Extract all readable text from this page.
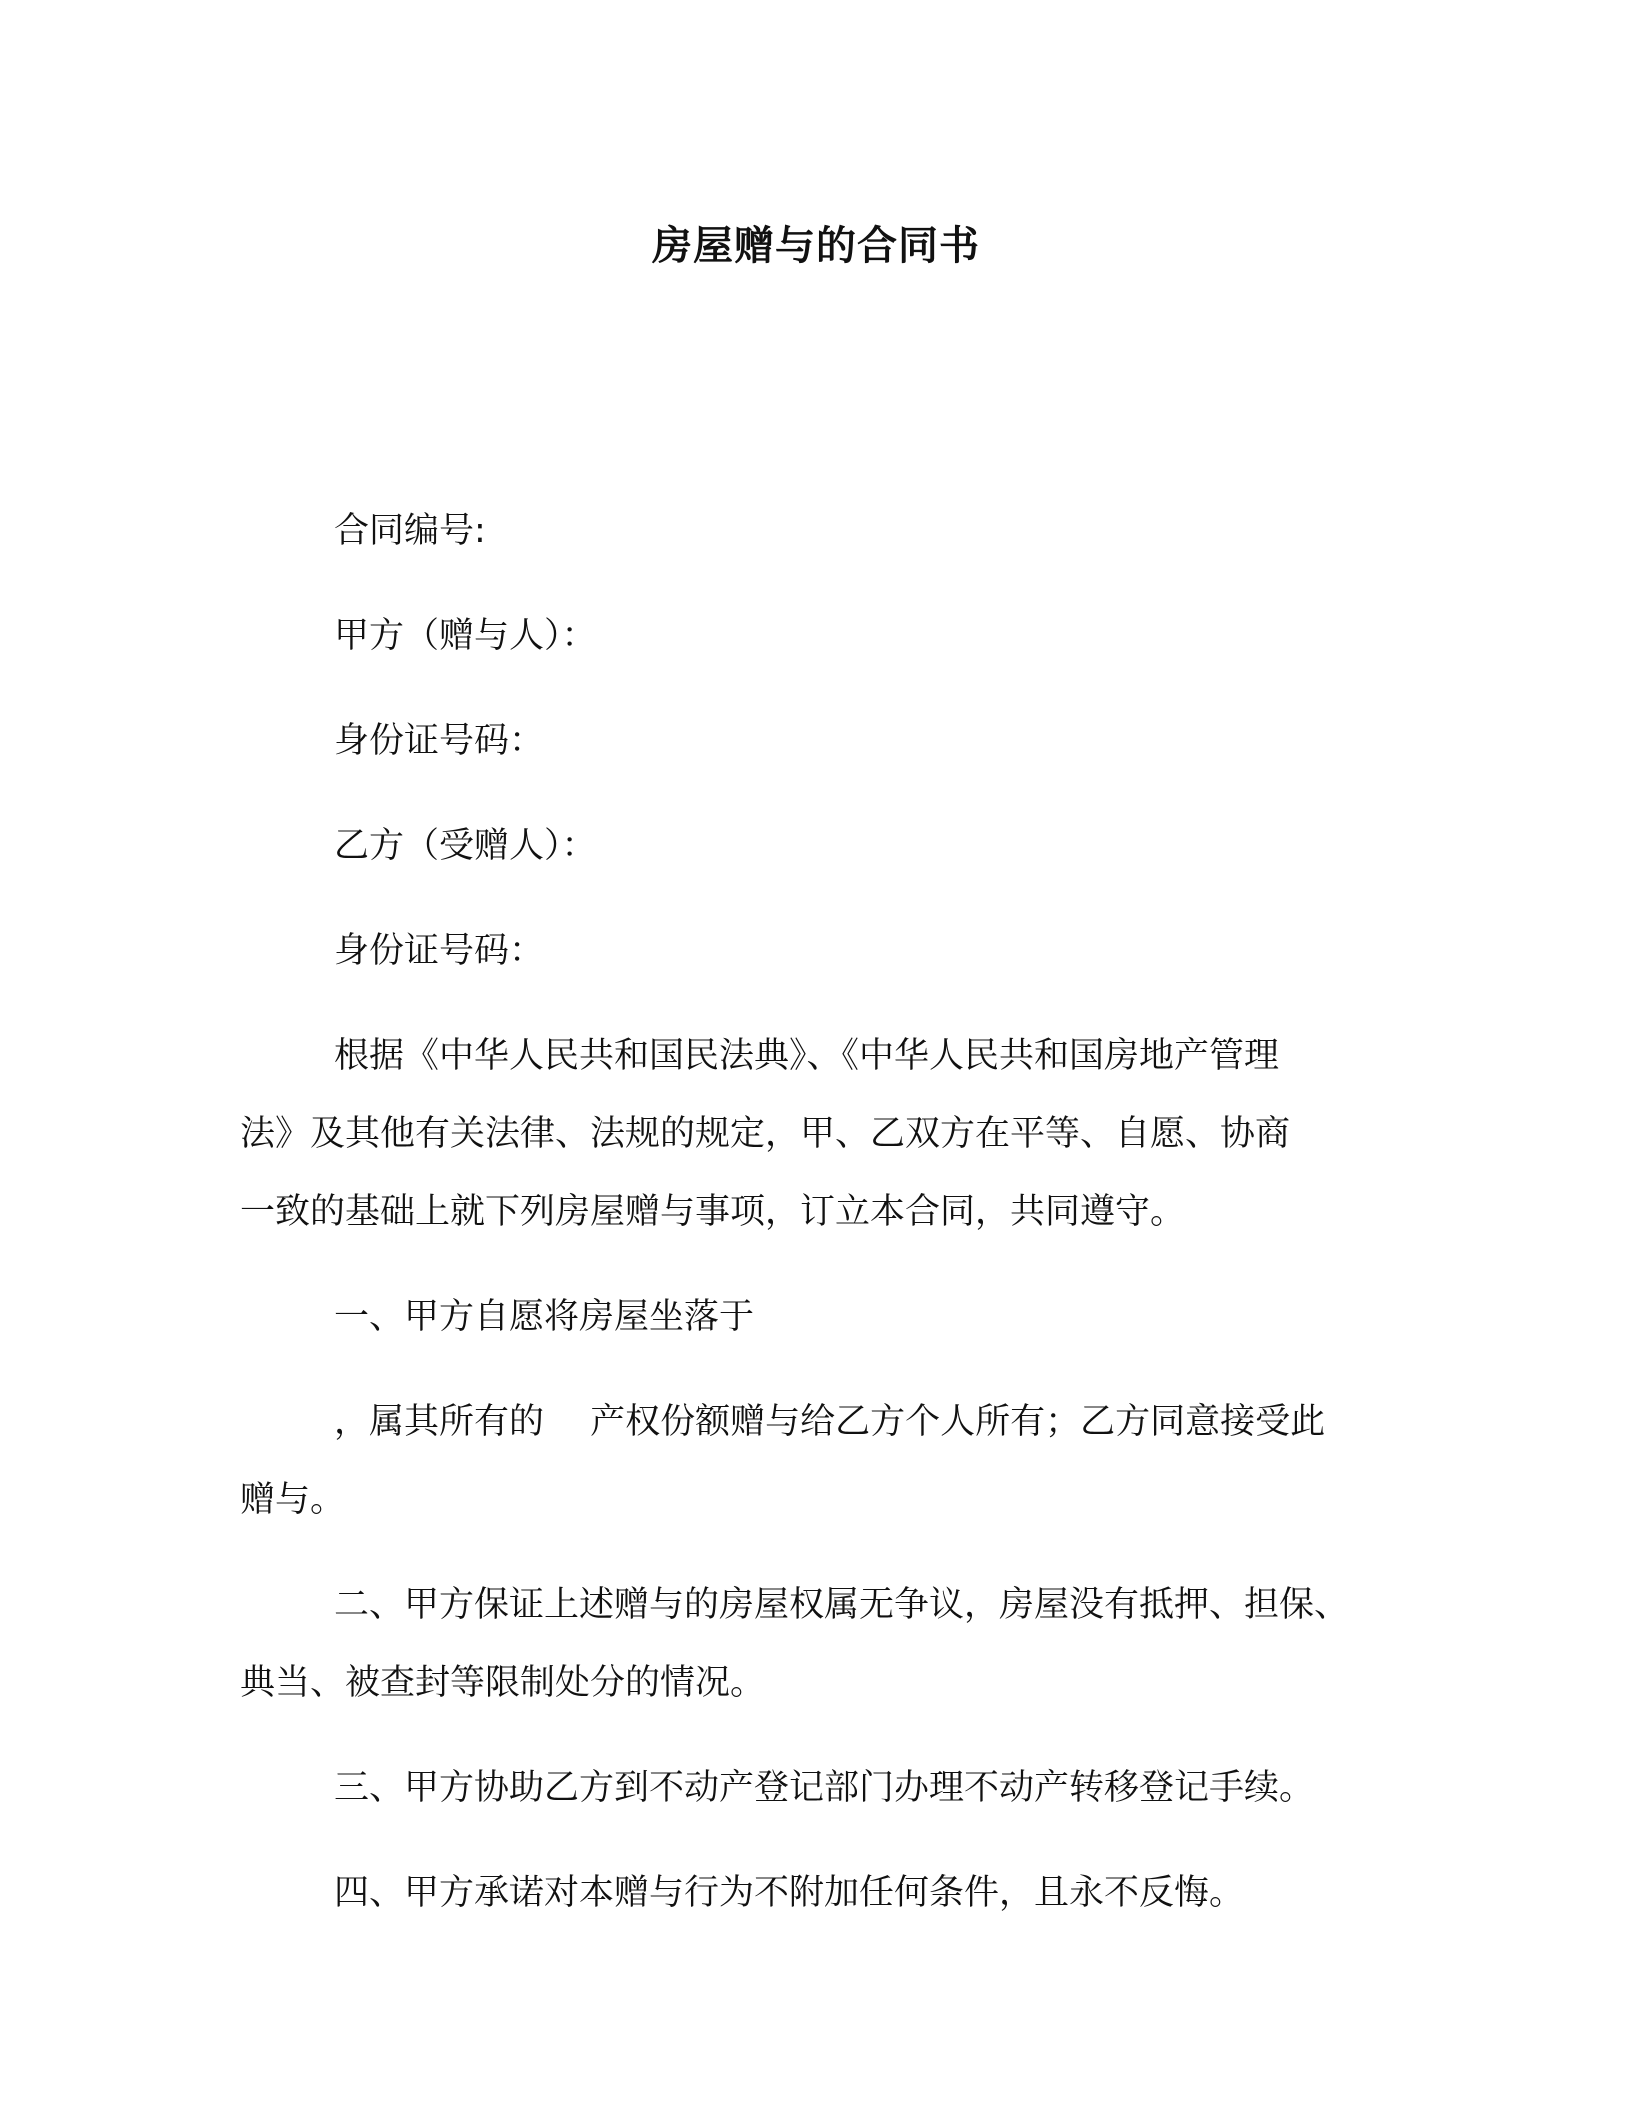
房屋赠与的合同书

合同编号:

甲方（赠与人）：

身份证号码：

乙方（受赠人）：

身份证号码：

根据《中华人民共和国民法典》、《中华人民共和国房地产管理
法》及其他有关法律、法规的规定，甲、乙双方在平等、自愿、协商
一致的基础上就下列房屋赠与事项，订立本合同，共同遵守。

一、甲方自愿将房屋坐落于

，属其所有的　 产权份额赠与给乙方个人所有；乙方同意接受此
赠与。
二、甲方保证上述赠与的房屋权属无争议，房屋没有抵押、担保、
典当、被查封等限制处分的情况。

三、甲方协助乙方到不动产登记部门办理不动产转移登记手续。

四、甲方承诺对本赠与行为不附加任何条件，且永不反悔。
